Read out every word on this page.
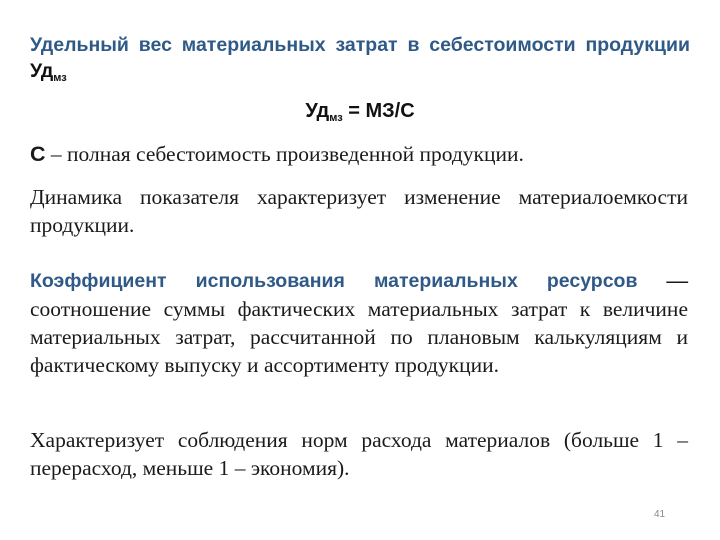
Удельный вес материальных затрат в себестоимости продукции $Уд_{мз}$
$Уд_{мз} = МЗ/С$
С – полная себестоимость произведенной продукции.
Динамика показателя характеризует изменение материалоемкости продукции.
Коэффициент использования материальных ресурсов —соотношение суммы фактических материальных затрат к величине материальных затрат, рассчитанной по плановым калькуляциям и фактическому выпуску и ассортименту продукции.
Характеризует соблюдения норм расхода материалов (больше 1 – перерасход, меньше 1 – экономия).
41
